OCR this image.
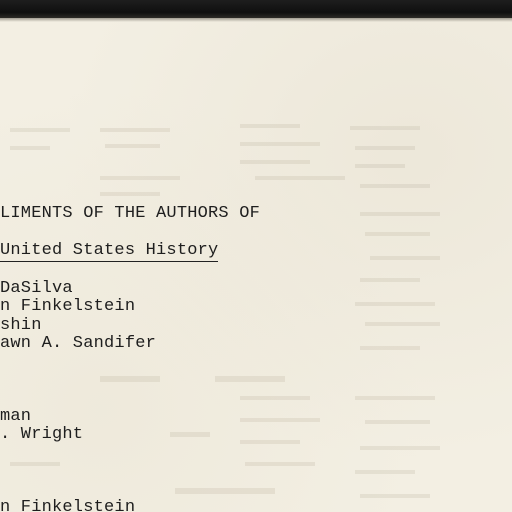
LIMENTS OF THE AUTHORS OF

United States History

DaSilva

n Finkelstein

shin

awn A. Sandifer

man

. Wright

n Finkelstein
